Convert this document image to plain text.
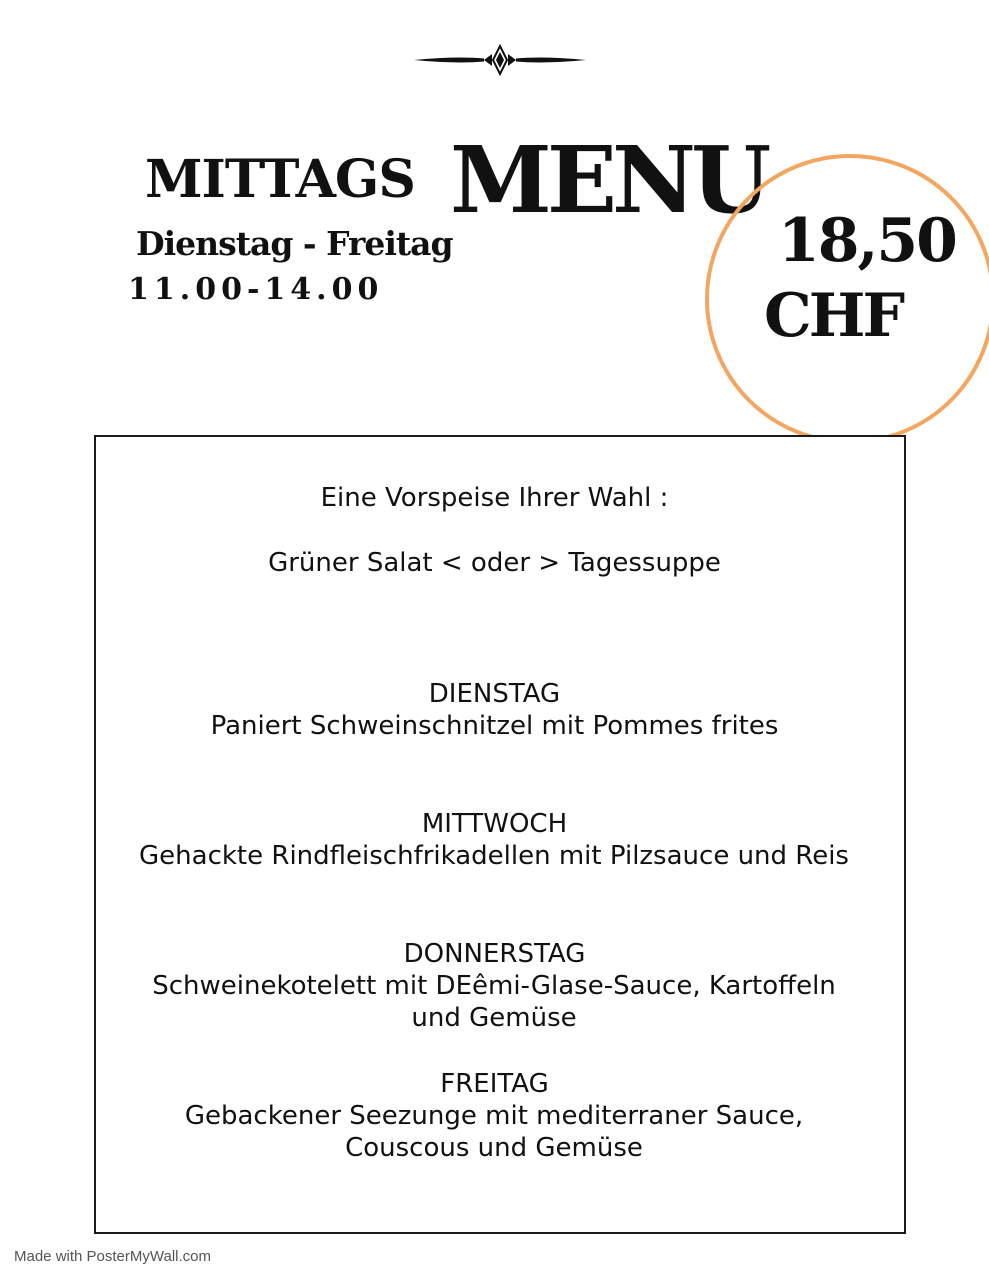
MITTAGS MENU
Dienstag - Freitag
11.00-14.00
18,50
CHF
Eine Vorspeise Ihrer Wahl :
Grüner Salat < oder > Tagessuppe
DIENSTAG
Paniert Schweinschnitzel mit Pommes frites
MITTWOCH
Gehackte Rindfleischfrikadellen mit Pilzsauce und Reis
DONNERSTAG
Schweinekotelett mit DEêmi-Glase-Sauce, Kartoffeln und Gemüse
FREITAG
Gebackener Seezunge mit mediterraner Sauce, Couscous und Gemüse
Made with PosterMyWall.com
